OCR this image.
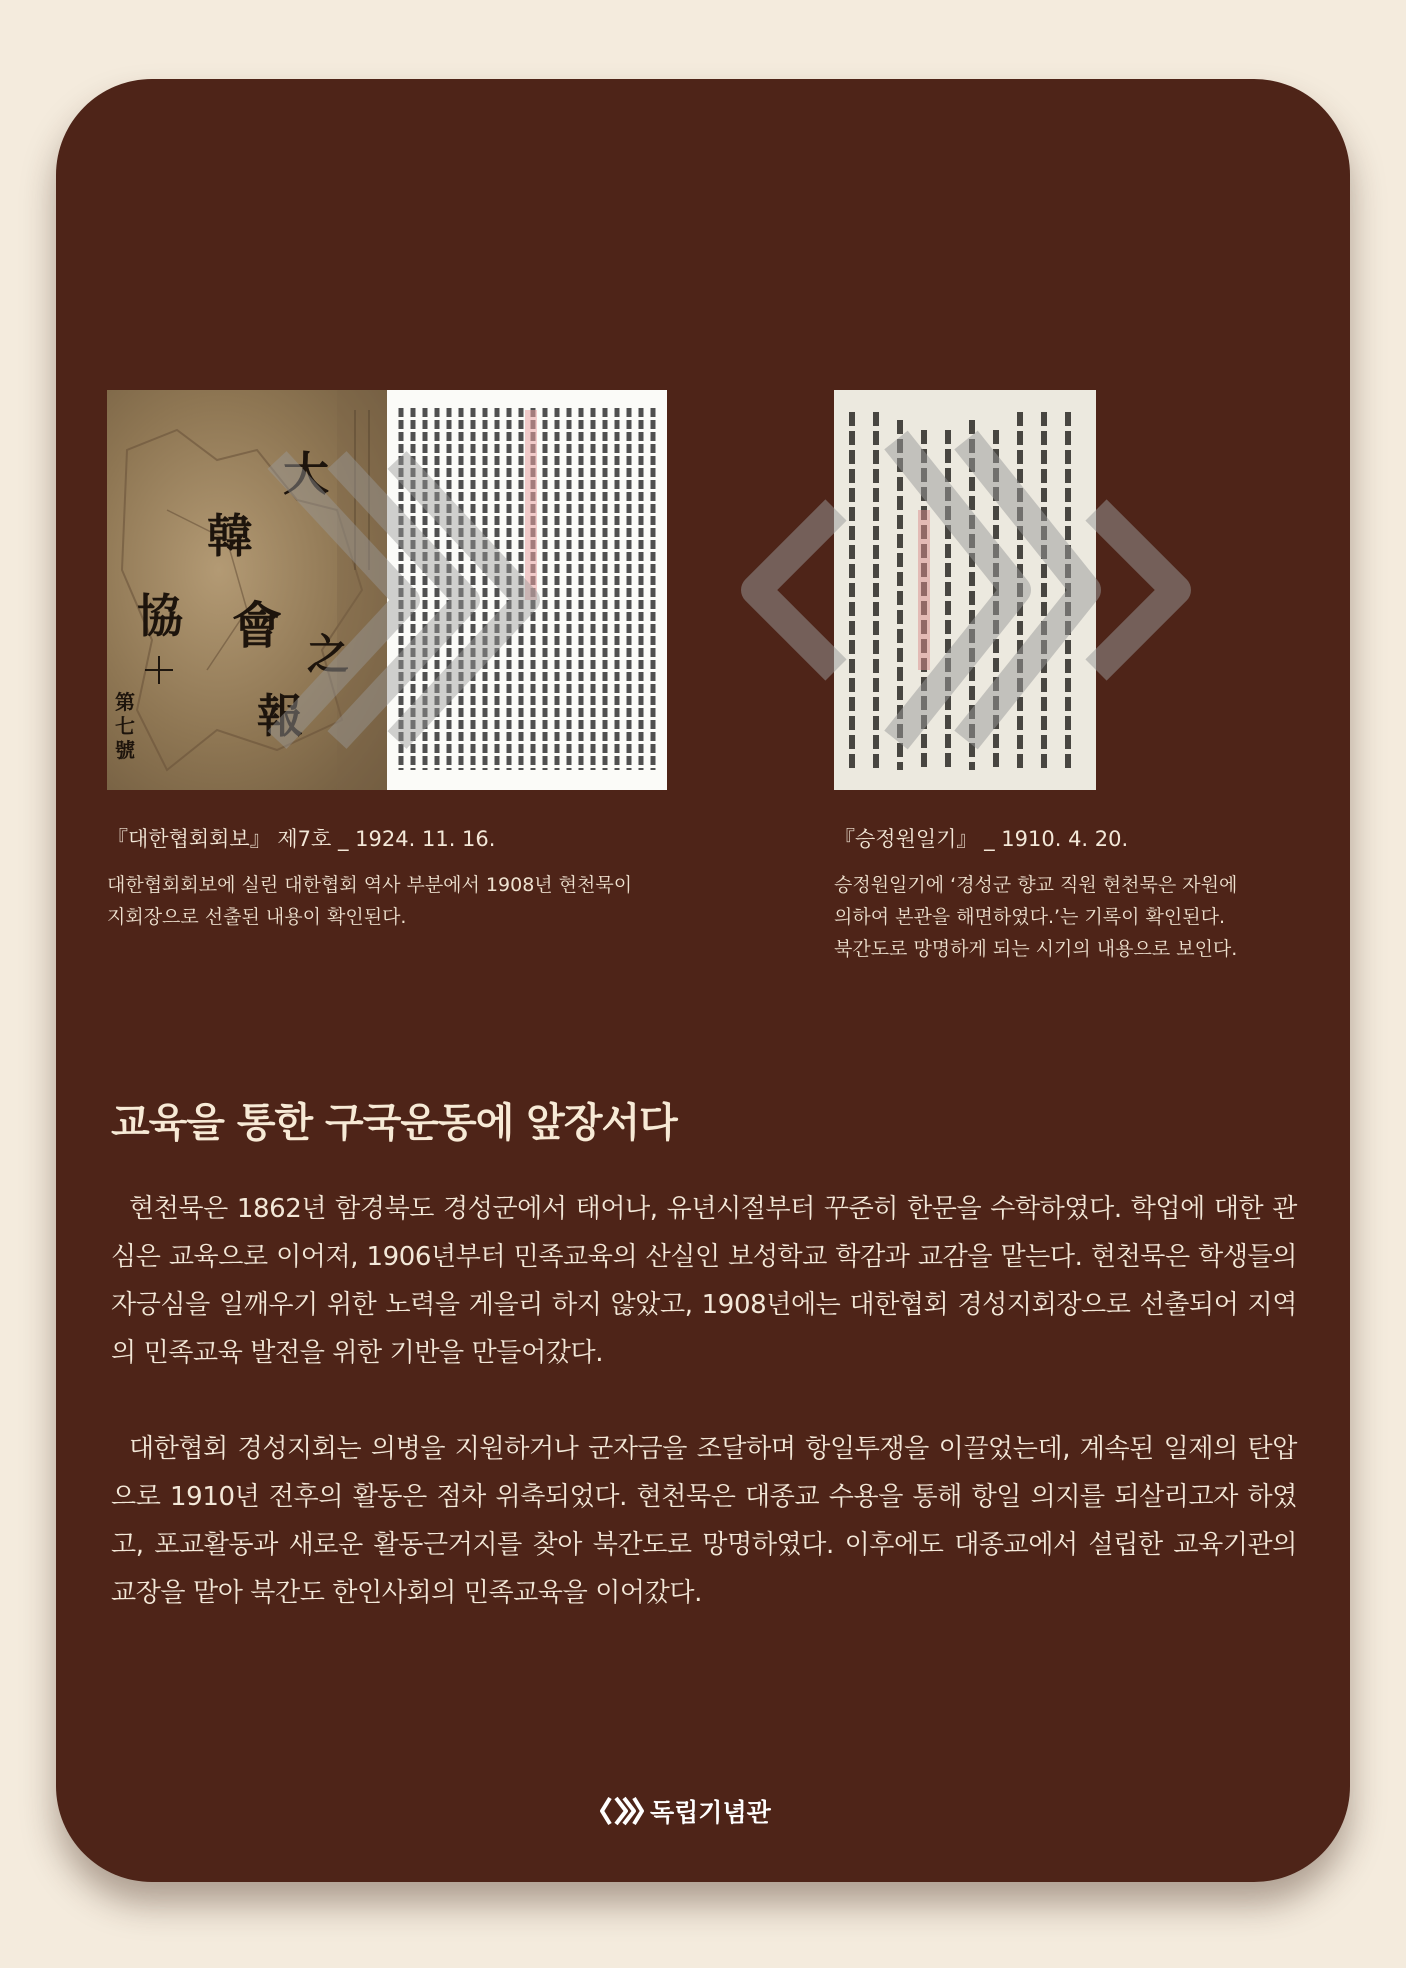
大
韓
協 會 之
報
第七號
『대한협회회보』 제7호 _ 1924. 11. 16.

대한협회회보에 실린 대한협회 역사 부분에서 1908년 현천묵이

지회장으로 선출된 내용이 확인된다.

『승정원일기』 _ 1910. 4. 20.

승정원일기에 ‘경성군 향교 직원 현천묵은 자원에

의하여 본관을 해면하였다.’는 기록이 확인된다.

북간도로 망명하게 되는 시기의 내용으로 보인다.

교육을 통한 구국운동에 앞장서다

현천묵은 1862년 함경북도 경성군에서 태어나, 유년시절부터 꾸준히 한문을 수학하였다. 학업에 대한 관심은 교육으로 이어져, 1906년부터 민족교육의 산실인 보성학교 학감과 교감을 맡는다. 현천묵은 학생들의 자긍심을 일깨우기 위한 노력을 게을리 하지 않았고, 1908년에는 대한협회 경성지회장으로 선출되어 지역의 민족교육 발전을 위한 기반을 만들어갔다.

대한협회 경성지회는 의병을 지원하거나 군자금을 조달하며 항일투쟁을 이끌었는데, 계속된 일제의 탄압으로 1910년 전후의 활동은 점차 위축되었다. 현천묵은 대종교 수용을 통해 항일 의지를 되살리고자 하였고, 포교활동과 새로운 활동근거지를 찾아 북간도로 망명하였다. 이후에도 대종교에서 설립한 교육기관의 교장을 맡아 북간도 한인사회의 민족교육을 이어갔다.

독립기념관
